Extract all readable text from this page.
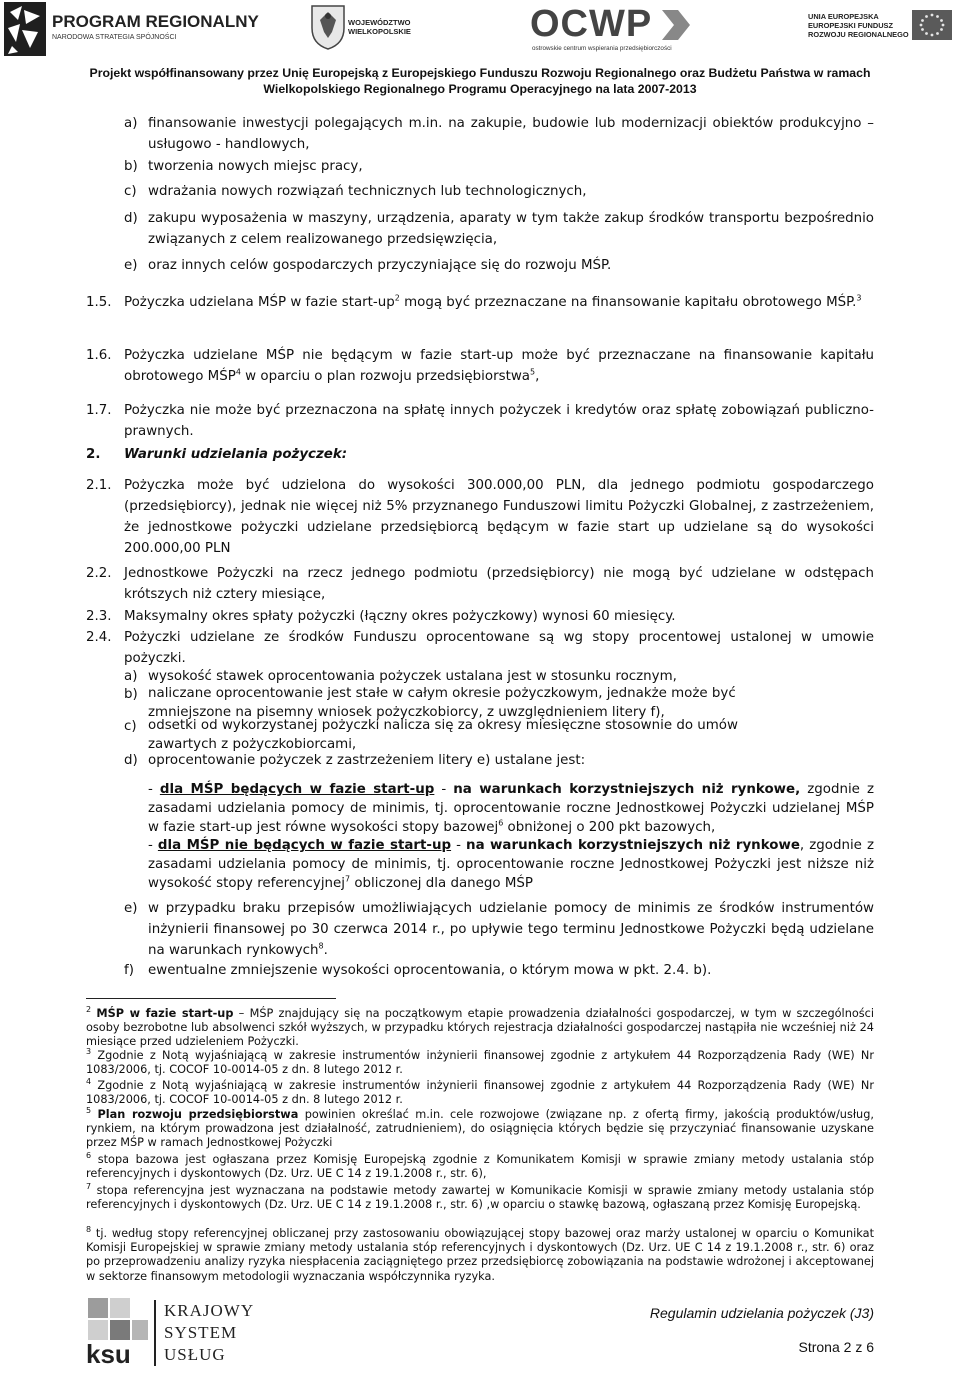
PROGRAM REGIONALNY
NARODOWA STRATEGIA SPÓJNOŚCI
WOJEWÓDZTWO WIELKOPOLSKIE	OCWP
ostrowskie centrum wspierania przedsiębiorczości
UNIA EUROPEJSKA
EUROPEJSKI FUNDUSZ
ROZWOJU REGIONALNEGO
Projekt współfinansowany przez Unię Europejską z Europejskiego Funduszu Rozwoju Regionalnego oraz Budżetu Państwa w ramach
Wielkopolskiego Regionalnego Programu Operacyjnego na lata 2007-2013
a) finansowanie inwestycji polegających m.in. na zakupie, budowie lub modernizacji obiektów produkcyjno – usługowo - handlowych,
b) tworzenia nowych miejsc pracy,
c) wdrażania nowych rozwiązań technicznych lub technologicznych,
d) zakupu wyposażenia w maszyny, urządzenia, aparaty w tym także zakup środków transportu bezpośrednio związanych z celem realizowanego przedsięwzięcia,
e) oraz innych celów gospodarczych przyczyniające się do rozwoju MŚP.
1.5. Pożyczka udzielana MŚP w fazie start-$up^2$ mogą być przeznaczane na finansowanie kapitału obrotowego MŚP.$^3$
1.6. Pożyczka udzielane MŚP nie będącym w fazie start-up może być przeznaczane na finansowanie kapitału obrotowego MŚP$^4$ w oparciu o plan rozwoju przedsiębiorstwa$^5$,
1.7. Pożyczka nie może być przeznaczona na spłatę innych pożyczek i kredytów oraz spłatę zobowiązań publiczno-prawnych.
2. Warunki udzielania pożyczek:
2.1. Pożyczka może być udzielona do wysokości 300.000,00 PLN, dla jednego podmiotu gospodarczego (przedsiębiorcy), jednak nie więcej niż 5% przyznanego Funduszowi limitu Pożyczki Globalnej, z zastrzeżeniem, że jednostkowe pożyczki udzielane przedsiębiorcą będącym w fazie start up udzielane są do wysokości 200.000,00 PLN
2.2. Jednostkowe Pożyczki na rzecz jednego podmiotu (przedsiębiorcy) nie mogą być udzielane w odstępach krótszych niż cztery miesiące,
2.3. Maksymalny okres spłaty pożyczki (łączny okres pożyczkowy) wynosi 60 miesięcy.
2.4. Pożyczki udzielane ze środków Funduszu oprocentowane są wg stopy procentowej ustalonej w umowie pożyczki.
a) wysokość stawek oprocentowania pożyczek ustalana jest w stosunku rocznym,
b) naliczane oprocentowanie jest stałe w całym okresie pożyczkowym, jednakże może być zmniejszone na pisemny wniosek pożyczkobiorcy, z uwzględnieniem litery f),
c) odsetki od wykorzystanej pożyczki nalicza się za okresy miesięczne stosownie do umów zawartych z pożyczkobiorcami,
d) oprocentowanie pożyczek z zastrzeżeniem litery e) ustalane jest:
- dla MŚP będących w fazie start-up - na warunkach korzystniejszych niż rynkowe, zgodnie z zasadami udzielania pomocy de minimis, tj. oprocentowanie roczne Jednostkowej Pożyczki udzielanej MŚP w fazie start-up jest równe wysokości stopy bazowej$^6$ obniżonej o 200 pkt bazowych,
- dla MŚP nie będących w fazie start-up - na warunkach korzystniejszych niż rynkowe, zgodnie z zasadami udzielania pomocy de minimis, tj. oprocentowanie roczne Jednostkowej Pożyczki jest niższe niż wysokość stopy referencyjnej$^7$ obliczonej dla danego MŚP
e) w przypadku braku przepisów umożliwiających udzielanie pomocy de minimis ze środków instrumentów inżynierii finansowej po 30 czerwca 2014 r., po upływie tego terminu Jednostkowe Pożyczki będą udzielane na warunkach rynkowych$^8$.
f)	ewentualne zmniejszenie wysokości oprocentowania, o którym mowa w pkt. 2.4. b).
$^2$ MŚP w fazie start-up – MŚP znajdujący się na początkowym etapie prowadzenia działalności gospodarczej, w tym w szczególności osoby bezrobotne lub absolwenci szkół wyższych, w przypadku których rejestracja działalności gospodarczej nastąpiła nie wcześniej niż 24 miesiące przed udzieleniem Pożyczki.
$^3$ Zgodnie z Notą wyjaśniającą w zakresie instrumentów inżynierii finansowej zgodnie z artykułem 44 Rozporządzenia Rady (WE) Nr 1083/2006, tj. COCOF 10-0014-05 z dn. 8 lutego 2012 r.
$^4$ Zgodnie z Notą wyjaśniającą w zakresie instrumentów inżynierii finansowej zgodnie z artykułem 44 Rozporządzenia Rady (WE) Nr 1083/2006, tj. COCOF 10-0014-05 z dn. 8 lutego 2012 r.
$^5$ Plan rozwoju przedsiębiorstwa powinien określać m.in. cele rozwojowe (związane np. z ofertą firmy, jakością produktów/usług, rynkiem, na którym prowadzona jest działalność, zatrudnieniem), do osiągnięcia których będzie się przyczyniać finansowanie uzyskane przez MŚP w ramach Jednostkowej Pożyczki
$^6$ stopa bazowa jest ogłaszana przez Komisję Europejską zgodnie z Komunikatem Komisji w sprawie zmiany metody ustalania stóp referencyjnych i dyskontowych (Dz. Urz. UE C 14 z 19.1.2008 r., str. 6),
$^7$ stopa referencyjna jest wyznaczana na podstawie metody zawartej w Komunikacie Komisji w sprawie zmiany metody ustalania stóp referencyjnych i dyskontowych (Dz. Urz. UE C 14 z 19.1.2008 r., str. 6) ,w oparciu o stawkę bazową, ogłaszaną przez Komisję Europejską.
$^8$ tj. według stopy referencyjnej obliczanej przy zastosowaniu obowiązującej stopy bazowej oraz marży ustalonej w oparciu o Komunikat Komisji Europejskiej w sprawie zmiany metody ustalania stóp referencyjnych i dyskontowych (Dz. Urz. UE C 14 z 19.1.2008 r., str. 6) oraz po przeprowadzeniu analizy ryzyka niespłacenia zaciągniętego przez przedsiębiorcę zobowiązania na podstawie wdrożonej i akceptowanej w sektorze finansowym metodologii wyznaczania współczynnika ryzyka.
ksu
KRAJOWY
SYSTEM
USŁUG
Regulamin udzielania pożyczek (J3)
Strona 2 z 6
